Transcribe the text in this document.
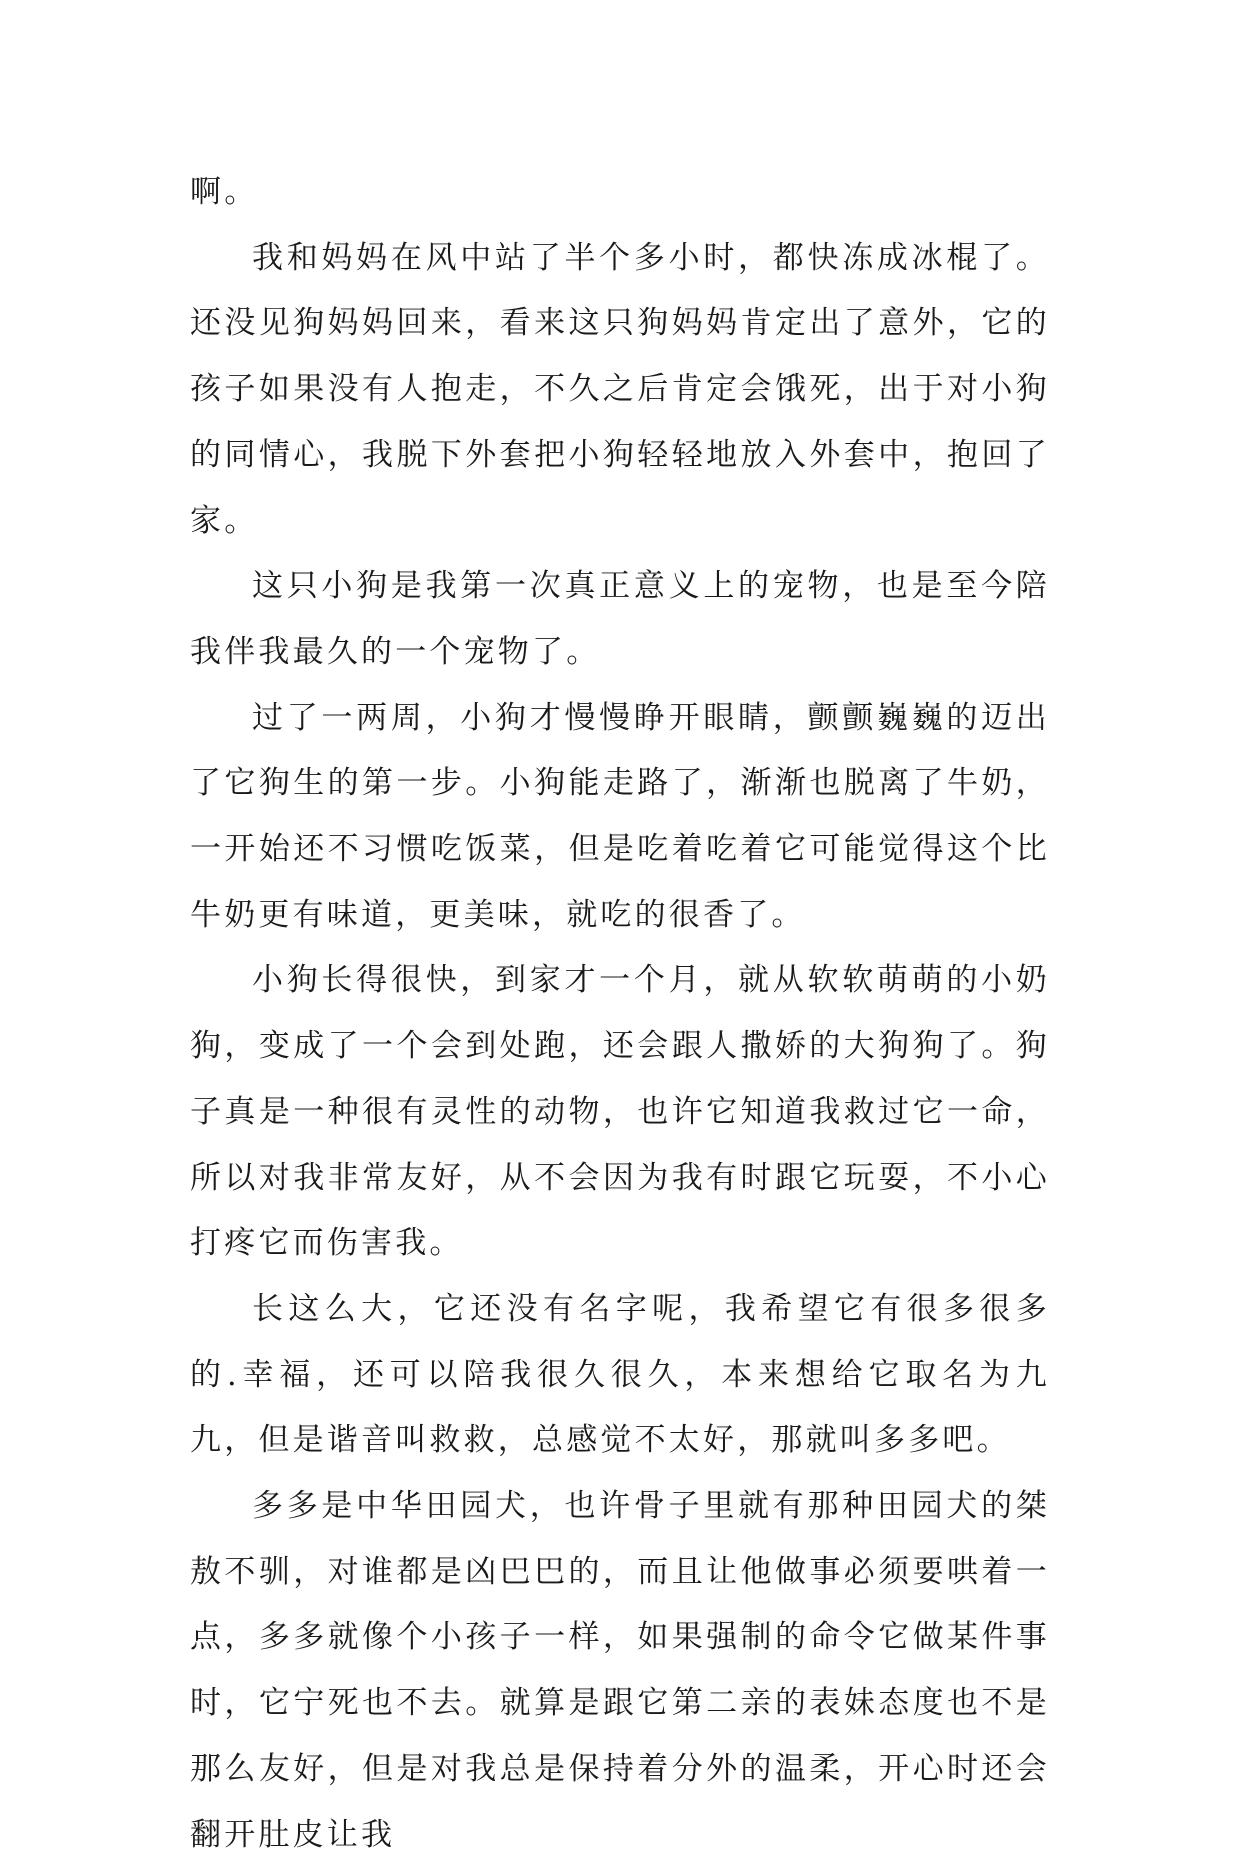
啊。

我和妈妈在风中站了半个多小时，都快冻成冰棍了。还没见狗妈妈回来，看来这只狗妈妈肯定出了意外，它的孩子如果没有人抱走，不久之后肯定会饿死，出于对小狗的同情心，我脱下外套把小狗轻轻地放入外套中，抱回了家。

这只小狗是我第一次真正意义上的宠物，也是至今陪我伴我最久的一个宠物了。

过了一两周，小狗才慢慢睁开眼睛，颤颤巍巍的迈出了它狗生的第一步。小狗能走路了，渐渐也脱离了牛奶，一开始还不习惯吃饭菜，但是吃着吃着它可能觉得这个比牛奶更有味道，更美味，就吃的很香了。

小狗长得很快，到家才一个月，就从软软萌萌的小奶狗，变成了一个会到处跑，还会跟人撒娇的大狗狗了。狗子真是一种很有灵性的动物，也许它知道我救过它一命，所以对我非常友好，从不会因为我有时跟它玩耍，不小心打疼它而伤害我。

长这么大，它还没有名字呢，我希望它有很多很多的.幸福，还可以陪我很久很久，本来想给它取名为九九，但是谐音叫救救，总感觉不太好，那就叫多多吧。

多多是中华田园犬，也许骨子里就有那种田园犬的桀敖不驯，对谁都是凶巴巴的，而且让他做事必须要哄着一点，多多就像个小孩子一样，如果强制的命令它做某件事时，它宁死也不去。就算是跟它第二亲的表妹态度也不是那么友好，但是对我总是保持着分外的温柔，开心时还会翻开肚皮让我
